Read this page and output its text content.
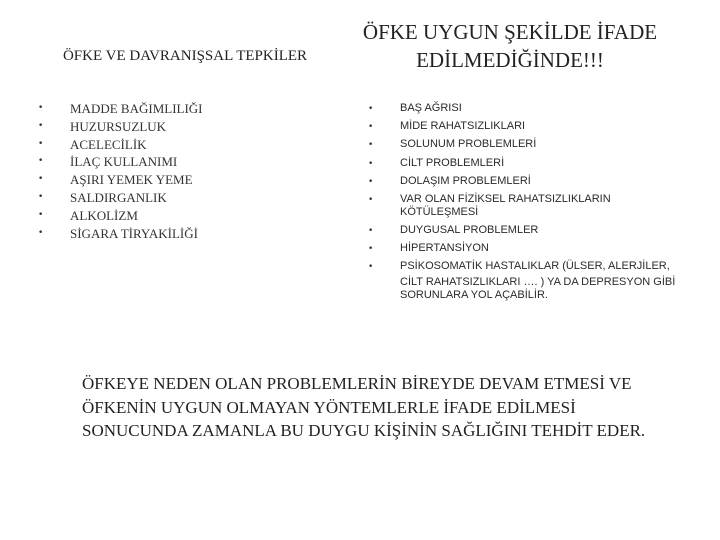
ÖFKE VE DAVRANIŞSAL TEPKİLER
•	MADDE BAĞIMLILIĞI
•	HUZURSUZLUK
•	ACELECİLİK
•	İLAÇ KULLANIMI
•	AŞIRI YEMEK YEME
•	SALDIRGANLIK
•	ALKOLİZM
•	SİGARA TİRYAKİLİĞİ
ÖFKE UYGUN ŞEKİLDE İFADE EDİLMEDİĞİNDE!!!
•	BAŞ AĞRISI
•	MİDE RAHATSIZLIKLARI
•	SOLUNUM PROBLEMLERİ
•	CİLT PROBLEMLERİ
•	DOLAŞIM PROBLEMLERİ
•	VAR OLAN FİZİKSEL RAHATSIZLIKLARIN KÖTÜLEŞMESİ
•	DUYGUSAL PROBLEMLER
•	HİPERTANSİYON
•	PSİKOSOMATİK HASTALIKLAR (ÜLSER, ALERJİLER,
CİLT RAHATSIZLIKLARI …. ) YA DA DEPRESYON GİBİ SORUNLARA YOL AÇABİLİR.
ÖFKEYE NEDEN OLAN PROBLEMLERİN BİREYDE DEVAM ETMESİ VE ÖFKENİN UYGUN OLMAYAN YÖNTEMLERLE İFADE EDİLMESİ SONUCUNDA ZAMANLA BU DUYGU KİŞİNİN SAĞLIĞINI TEHDİT EDER.
